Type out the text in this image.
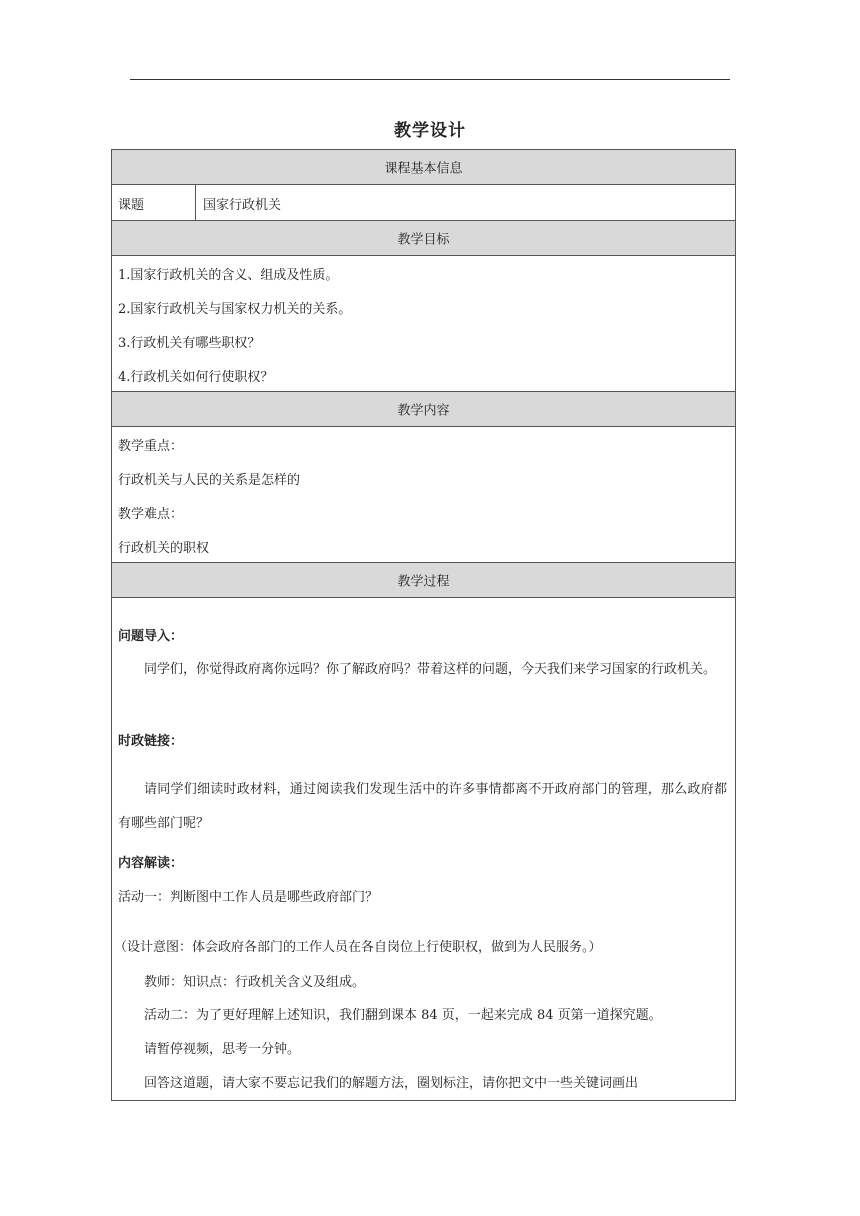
教学设计
课程基本信息
课题	国家行政机关
教学目标
1.国家行政机关的含义、组成及性质。
2.国家行政机关与国家权力机关的关系。
3.行政机关有哪些职权？
4.行政机关如何行使职权？
教学内容
教学重点：
行政机关与人民的关系是怎样的
教学难点：
行政机关的职权
教学过程
问题导入：
同学们，你觉得政府离你远吗？你了解政府吗？带着这样的问题，今天我们来学习国家的行政机关。
时政链接：
请同学们细读时政材料，通过阅读我们发现生活中的许多事情都离不开政府部门的管理，那么政府都有哪些部门呢？
内容解读：
活动一：判断图中工作人员是哪些政府部门？
（设计意图：体会政府各部门的工作人员在各自岗位上行使职权，做到为人民服务。）
教师：知识点：行政机关含义及组成。
活动二：为了更好理解上述知识，我们翻到课本 84 页，一起来完成 84 页第一道探究题。
请暂停视频，思考一分钟。
回答这道题，请大家不要忘记我们的解题方法，圈划标注，请你把文中一些关键词画出
